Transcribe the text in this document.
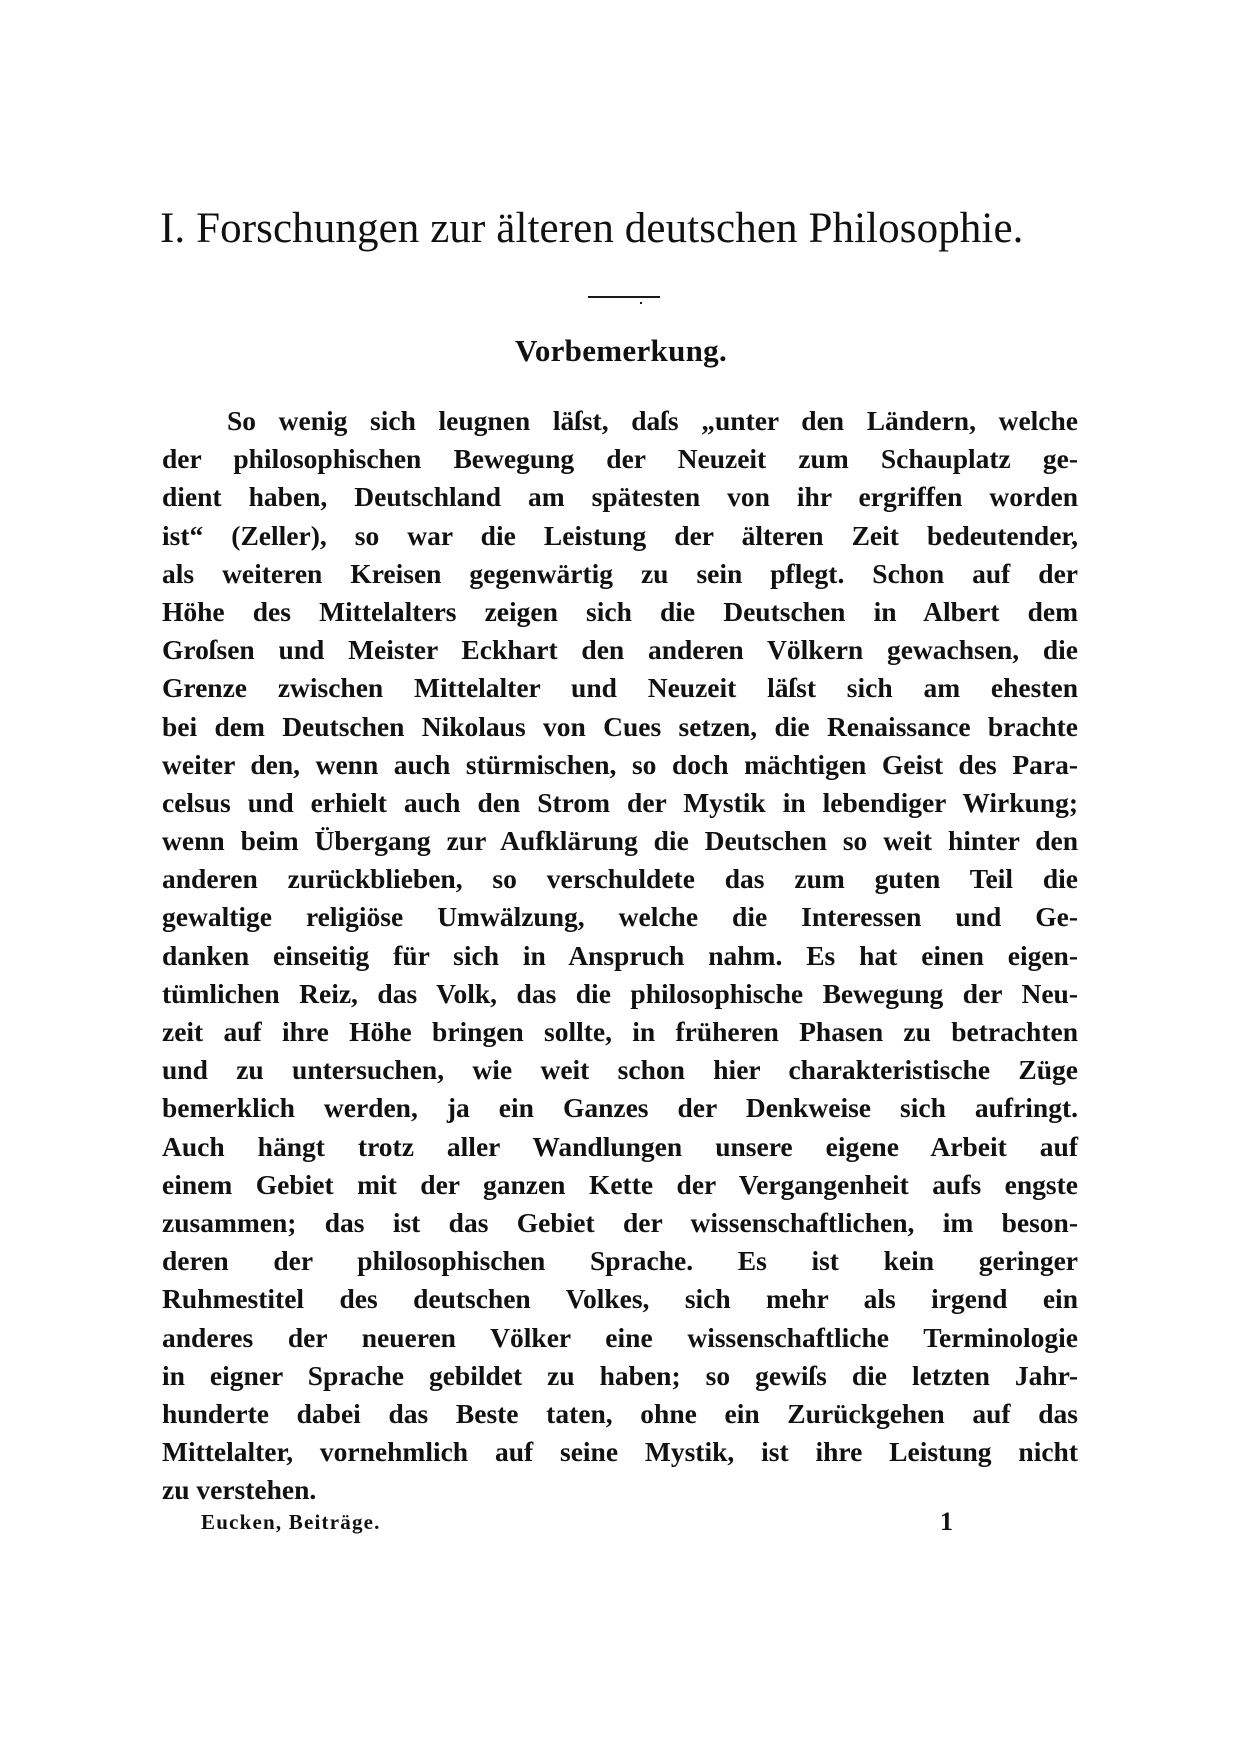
I. Forschungen zur älteren deutschen Philosophie.
Vorbemerkung.
So wenig sich leugnen läſst, daſs „unter den Ländern, welche
der philosophischen Bewegung der Neuzeit zum Schauplatz ge-
dient haben, Deutschland am spätesten von ihr ergriffen worden
ist“ (Zeller), so war die Leistung der älteren Zeit bedeutender,
als weiteren Kreisen gegenwärtig zu sein pflegt. Schon auf der
Höhe des Mittelalters zeigen sich die Deutschen in Albert dem
Groſsen und Meister Eckhart den anderen Völkern gewachsen, die
Grenze zwischen Mittelalter und Neuzeit läſst sich am ehesten
bei dem Deutschen Nikolaus von Cues setzen, die Renaissance brachte
weiter den, wenn auch stürmischen, so doch mächtigen Geist des Para-
celsus und erhielt auch den Strom der Mystik in lebendiger Wirkung;
wenn beim Übergang zur Aufklärung die Deutschen so weit hinter den
anderen zurückblieben, so verschuldete das zum guten Teil die
gewaltige religiöse Umwälzung, welche die Interessen und Ge-
danken einseitig für sich in Anspruch nahm. Es hat einen eigen-
tümlichen Reiz, das Volk, das die philosophische Bewegung der Neu-
zeit auf ihre Höhe bringen sollte, in früheren Phasen zu betrachten
und zu untersuchen, wie weit schon hier charakteristische Züge
bemerklich werden, ja ein Ganzes der Denkweise sich aufringt.
Auch hängt trotz aller Wandlungen unsere eigene Arbeit auf
einem Gebiet mit der ganzen Kette der Vergangenheit aufs engste
zusammen; das ist das Gebiet der wissenschaftlichen, im beson-
deren der philosophischen Sprache. Es ist kein geringer
Ruhmestitel des deutschen Volkes, sich mehr als irgend ein
anderes der neueren Völker eine wissenschaftliche Terminologie
in eigner Sprache gebildet zu haben; so gewiſs die letzten Jahr-
hunderte dabei das Beste taten, ohne ein Zurückgehen auf das
Mittelalter, vornehmlich auf seine Mystik, ist ihre Leistung nicht
zu verstehen.
Eucken, Beiträge.	1
